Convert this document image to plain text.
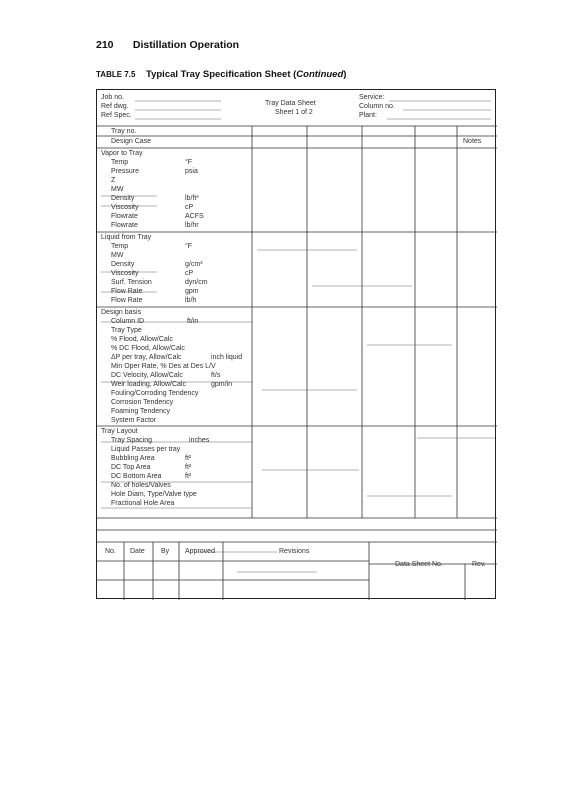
210 Distillation Operation
TABLE 7.5 Typical Tray Specification Sheet (Continued)
Job no.
Ref dwg.
Ref Spec.
Tray Data Sheet
Sheet 1 of 2
Service:
Column no.
Plant:
Tray no.
Design Case	Notes
Vapor to Tray
Temp	°F
Pressure	psia
Z
MW
Density	lb/ft³
Viscosity	cP
Flowrate	ACFS
Flowrate	lb/hr
Liquid from Tray
Temp	°F
MW
Density	g/cm³
Viscosity	cP
Surf. Tension	dyn/cm
Flow Rate	gpm
Flow Rate	lb/h
Design basis
Column ID	ft/in
Tray Type
% Flood, Allow/Calc
% DC Flood, Allow/Calc
ΔP per tray, Allow/Calc	inch liquid
Min Oper Rate, % Des at Des L/V
DC Velocity, Allow/Calc	ft/s
Weir loading, Allow/Calc	gpm/in
Fouling/Corroding Tendency
Corrosion Tendency
Foaming Tendency
System Factor
Tray Layout
Tray Spacing	inches
Liquid Passes per tray
Bubbling Area	ft²
DC Top Area	ft²
DC Bottom Area	ft²
No. of holes/Valves
Hole Diam, Type/Valve type
Fractional Hole Area
No. Date By Approved	Revisions
Data Sheet No.	Rev.
